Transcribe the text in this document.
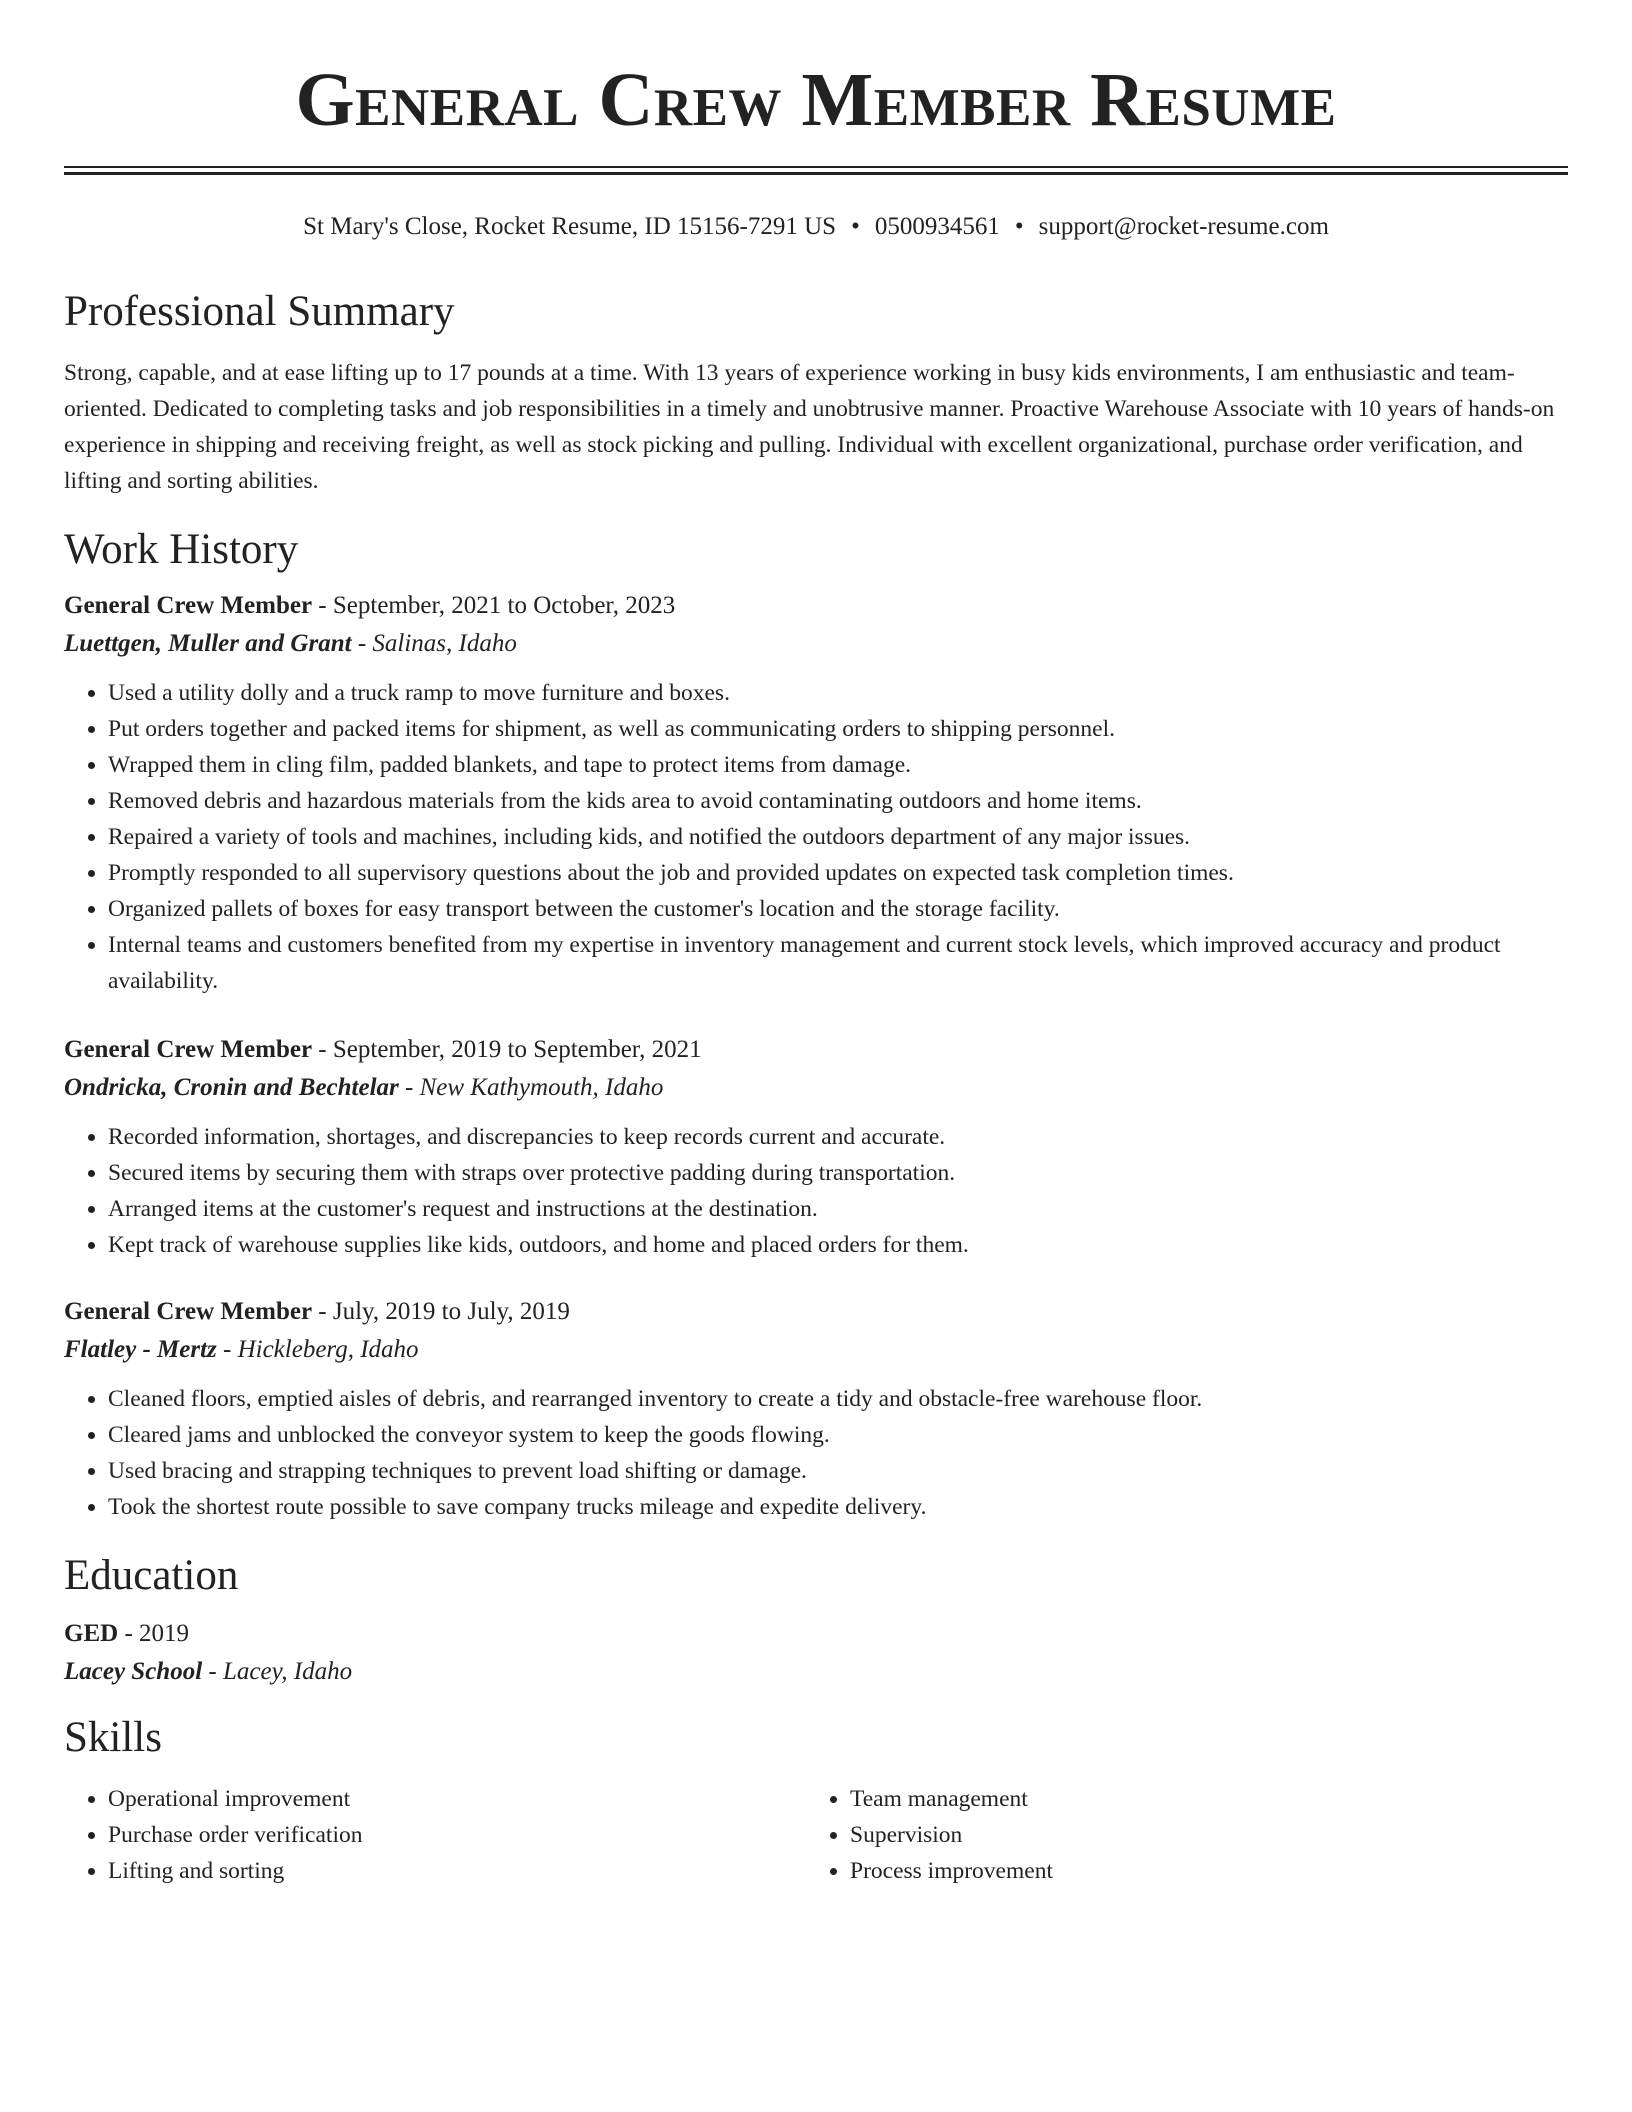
General Crew Member Resume
St Mary's Close, Rocket Resume, ID 15156-7291 US • 0500934561 • support@rocket-resume.com
Professional Summary

Strong, capable, and at ease lifting up to 17 pounds at a time. With 13 years of experience working in busy kids environments, I am enthusiastic and team-oriented. Dedicated to completing tasks and job responsibilities in a timely and unobtrusive manner. Proactive Warehouse Associate with 10 years of hands-on experience in shipping and receiving freight, as well as stock picking and pulling. Individual with excellent organizational, purchase order verification, and lifting and sorting abilities.

Work History
General Crew Member - September, 2021 to October, 2023
Luettgen, Muller and Grant - Salinas, Idaho
• Used a utility dolly and a truck ramp to move furniture and boxes.
• Put orders together and packed items for shipment, as well as communicating orders to shipping personnel.
• Wrapped them in cling film, padded blankets, and tape to protect items from damage.
• Removed debris and hazardous materials from the kids area to avoid contaminating outdoors and home items.
• Repaired a variety of tools and machines, including kids, and notified the outdoors department of any major issues.
• Promptly responded to all supervisory questions about the job and provided updates on expected task completion times.
• Organized pallets of boxes for easy transport between the customer's location and the storage facility.
• Internal teams and customers benefited from my expertise in inventory management and current stock levels, which improved accuracy and product availability.
General Crew Member - September, 2019 to September, 2021
Ondricka, Cronin and Bechtelar - New Kathymouth, Idaho
• Recorded information, shortages, and discrepancies to keep records current and accurate.
• Secured items by securing them with straps over protective padding during transportation.
• Arranged items at the customer's request and instructions at the destination.
• Kept track of warehouse supplies like kids, outdoors, and home and placed orders for them.
General Crew Member - July, 2019 to July, 2019
Flatley - Mertz - Hickleberg, Idaho
• Cleaned floors, emptied aisles of debris, and rearranged inventory to create a tidy and obstacle-free warehouse floor.
• Cleared jams and unblocked the conveyor system to keep the goods flowing.
• Used bracing and strapping techniques to prevent load shifting or damage.
• Took the shortest route possible to save company trucks mileage and expedite delivery.
Education
GED - 2019
Lacey School - Lacey, Idaho
Skills
• Operational improvement
• Purchase order verification
• Lifting and sorting
• Team management
• Supervision
• Process improvement
